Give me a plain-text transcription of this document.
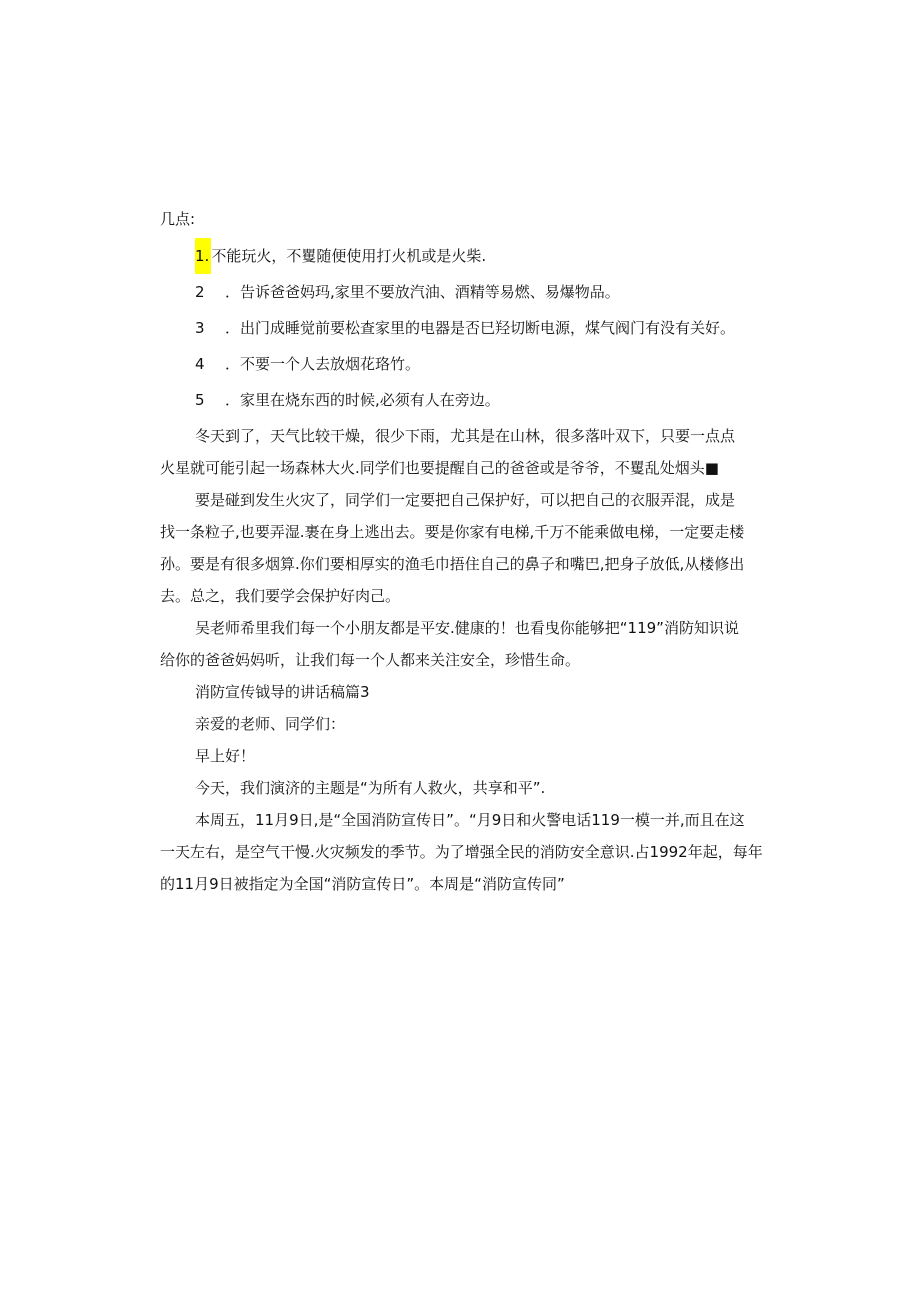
几点:
1. 不能玩火，不矍随便使用打火机或是火柴.
2	．告诉爸爸妈玛,家里不要放汽油、酒精等易燃、易爆物品。
3	．出门成睡觉前要松查家里的电器是否巳羟切断电源，煤气阀门有没有关好。
4	．不要一个人去放烟花珞竹。
5	．家里在烧东西的时候,必须有人在旁边。
冬天到了，天气比较干燥，很少下雨，尤其是在山林，很多落叶双下，只要一点点
火星就可能引起一场森林大火.同学们也要提醒自己的爸爸或是爷爷，不矍乱处烟头■
要是碰到发生火灾了，同学们一定要把自己保护好，可以把自己的衣服弄混，成是
找一条粒子,也要弄湿.裹在身上逃出去。要是你家有电梯,千万不能乘做电梯，一定要走楼
孙。要是有很多烟算.你们要相厚实的渔毛巾捂住自己的鼻子和嘴巴,把身子放低,从楼修出
去。总之，我们要学会保护好肉己。
吴老师希里我们每一个小朋友都是平安.健康的！也看曳你能够把“119”消防知识说
给你的爸爸妈妈听，让我们每一个人都来关注安全，珍惜生命。
消防宣传钺导的讲话稿篇3
亲爱的老师、同学们：
早上好！
今天，我们演济的主题是“为所有人救火，共享和平”.
本周五，11月9日,是“全国消防宣传日”。“月9日和火警电话119一模一并,而且在这
一天左右，是空气干慢.火灾频发的季节。为了增强全民的消防安全意识.占1992年起，每年
的11月9日被指定为全国“消防宣传日”。本周是“消防宣传同”
